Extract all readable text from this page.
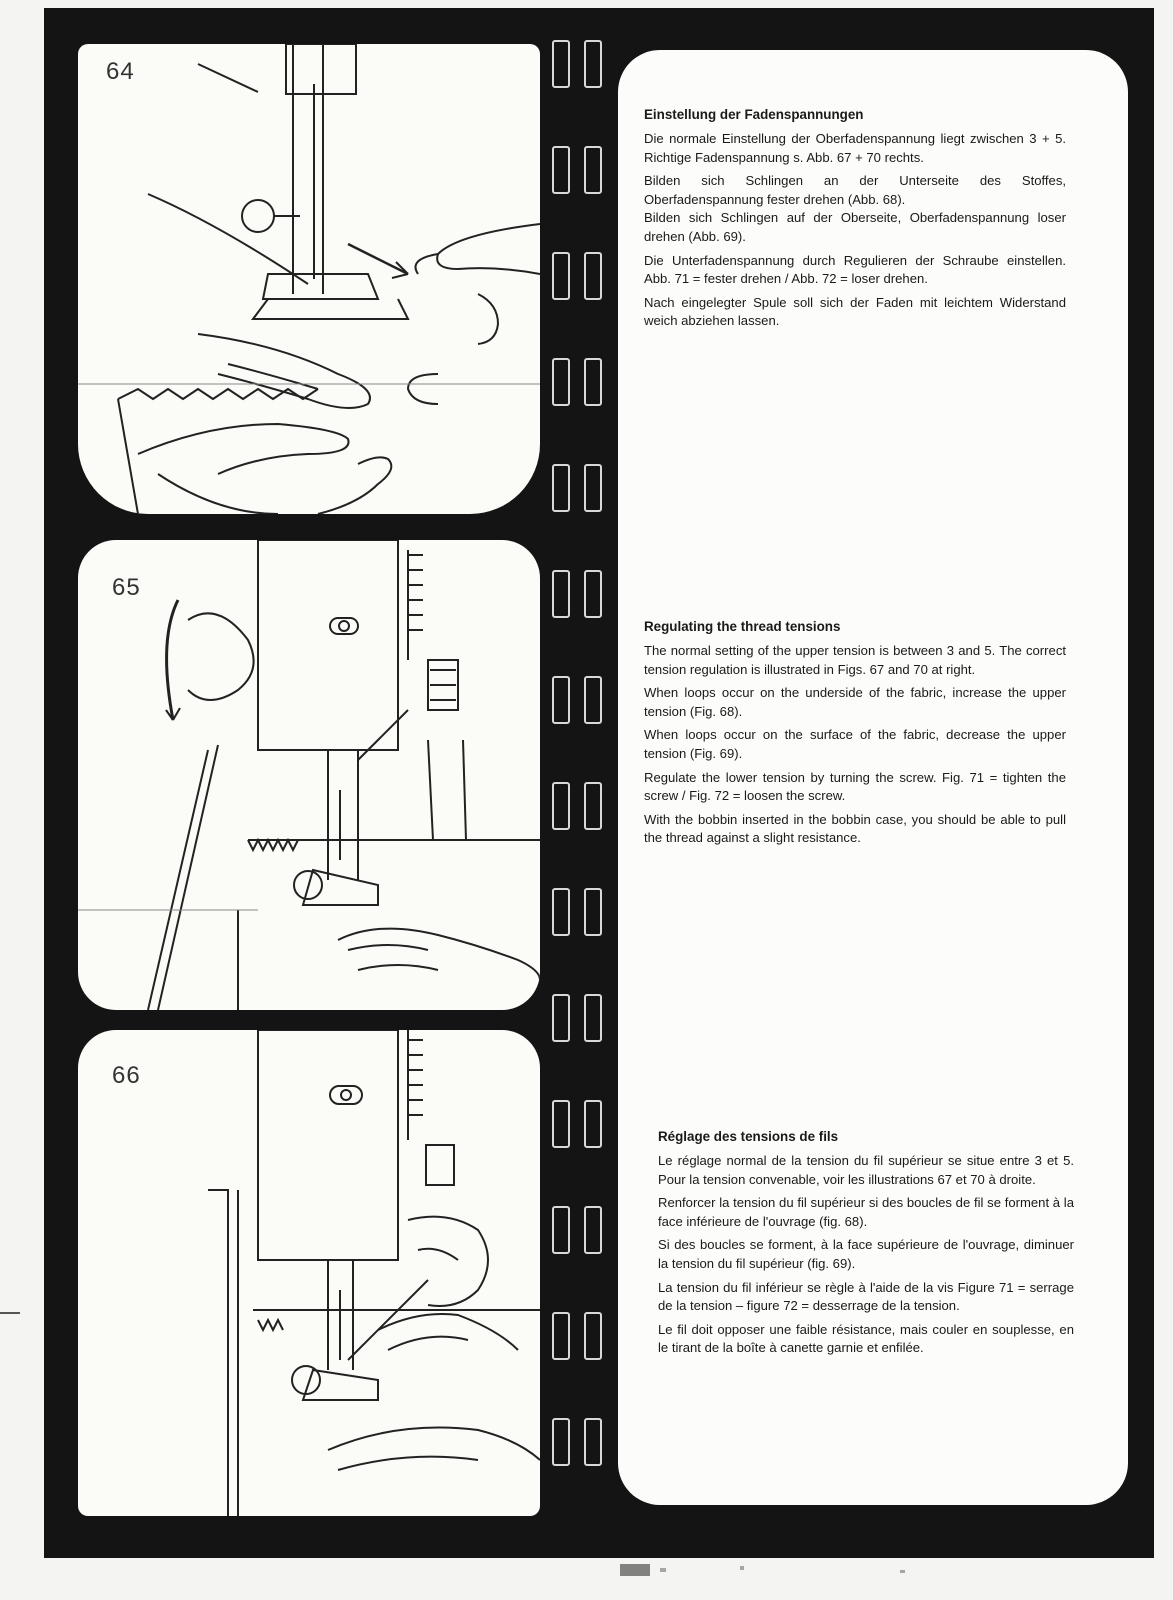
64
65
66
Einstellung der Fadenspannungen

Die normale Einstellung der Oberfadenspannung liegt zwischen 3 + 5. Richtige Fadenspannung s. Abb. 67 + 70 rechts.

Bilden sich Schlingen an der Unterseite des Stoffes, Oberfadenspannung fester drehen (Abb. 68).
Bilden sich Schlingen auf der Oberseite, Oberfadenspannung loser drehen (Abb. 69).

Die Unterfadenspannung durch Regulieren der Schraube einstellen. Abb. 71 = fester drehen / Abb. 72 = loser drehen.

Nach eingelegter Spule soll sich der Faden mit leichtem Widerstand weich abziehen lassen.

Regulating the thread tensions

The normal setting of the upper tension is between 3 and 5. The correct tension regulation is illustrated in Figs. 67 and 70 at right.

When loops occur on the underside of the fabric, increase the upper tension (Fig. 68).

When loops occur on the surface of the fabric, decrease the upper tension (Fig. 69).

Regulate the lower tension by turning the screw. Fig. 71 = tighten the screw / Fig. 72 = loosen the screw.

With the bobbin inserted in the bobbin case, you should be able to pull the thread against a slight resistance.

Réglage des tensions de fils

Le réglage normal de la tension du fil supérieur se situe entre 3 et 5. Pour la tension convenable, voir les illustrations 67 et 70 à droite.

Renforcer la tension du fil supérieur si des boucles de fil se forment à la face inférieure de l'ouvrage (fig. 68).

Si des boucles se forment, à la face supérieure de l'ouvrage, diminuer la tension du fil supérieur (fig. 69).

La tension du fil inférieur se règle à l'aide de la vis Figure 71 = serrage de la tension – figure 72 = desserrage de la tension.

Le fil doit opposer une faible résistance, mais couler en souplesse, en le tirant de la boîte à canette garnie et enfilée.
